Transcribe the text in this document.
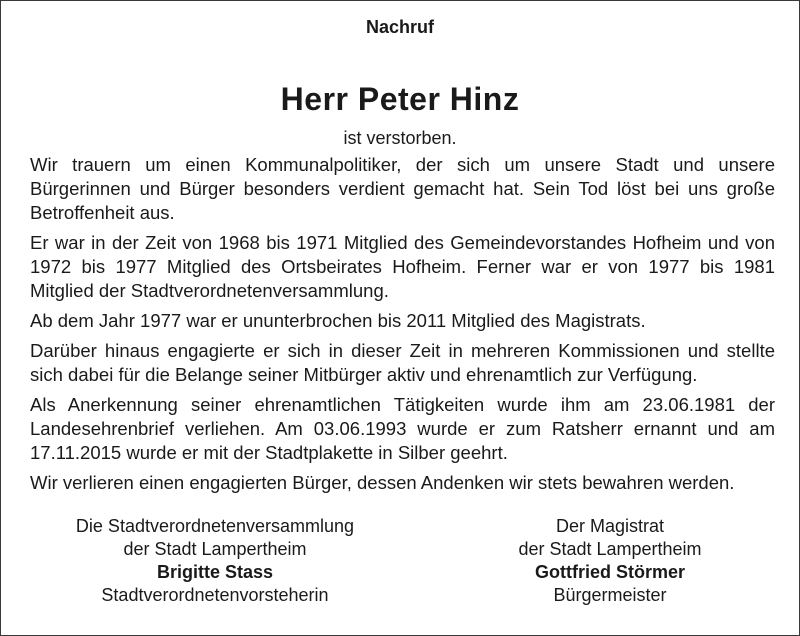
Nachruf
Herr Peter Hinz
ist verstorben.

Wir trauern um einen Kommunalpolitiker, der sich um unsere Stadt und unsere Bürgerinnen und Bürger besonders verdient gemacht hat. Sein Tod löst bei uns große Betroffenheit aus.

Er war in der Zeit von 1968 bis 1971 Mitglied des Gemeindevorstandes Hofheim und von 1972 bis 1977 Mitglied des Ortsbeirates Hofheim. Ferner war er von 1977 bis 1981 Mitglied der Stadtverordnetenversammlung.

Ab dem Jahr 1977 war er ununterbrochen bis 2011 Mitglied des Magistrats.

Darüber hinaus engagierte er sich in dieser Zeit in mehreren Kommissionen und stellte sich dabei für die Belange seiner Mitbürger aktiv und ehrenamtlich zur Verfügung.

Als Anerkennung seiner ehrenamtlichen Tätigkeiten wurde ihm am 23.06.1981 der Landesehrenbrief verliehen. Am 03.06.1993 wurde er zum Ratsherr ernannt und am 17.11.2015 wurde er mit der Stadtplakette in Silber geehrt.

Wir verlieren einen engagierten Bürger, dessen Andenken wir stets bewahren werden.

Die Stadtverordnetenversammlung
der Stadt Lampertheim
Brigitte Stass
Stadtverordnetenvorsteherin
Der Magistrat
der Stadt Lampertheim
Gottfried Störmer
Bürgermeister
